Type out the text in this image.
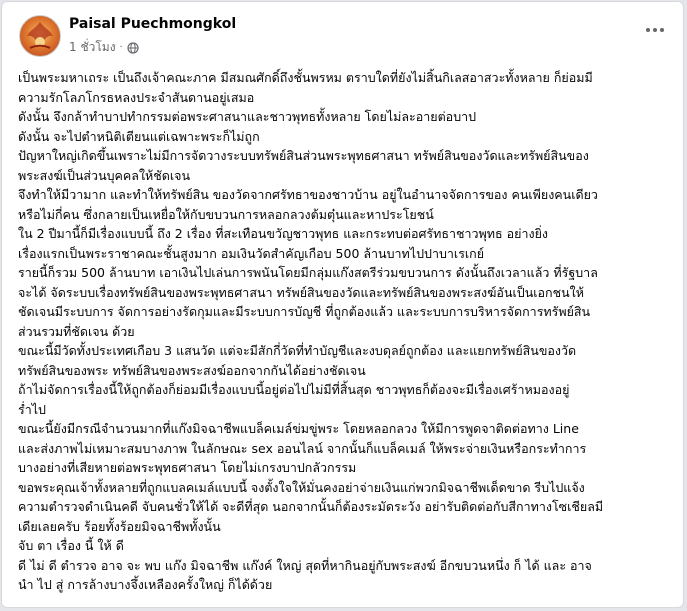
Paisal Puechmongkol
1 ชั่วโมง ·

เป็นพระมหาเถระ เป็นถึงเจ้าคณะภาค มีสมณศักดิ์ถึงชั้นพรหม ตราบใดที่ยังไม่สิ้นกิเลสอาสวะทั้งหลาย ก็ย่อมมี

ความรักโลภโกรธหลงประจำสันดานอยู่เสมอ

ดังนั้น จึงกล้าทำบาปทำกรรมต่อพระศาสนาและชาวพุทธทั้งหลาย โดยไม่ละอายต่อบาป

ดังนั้น จะไปตำหนิติเตียนแต่เฉพาะพระก็ไม่ถูก

ปัญหาใหญ่เกิดขึ้นเพราะไม่มีการจัดวางระบบทรัพย์สินส่วนพระพุทธศาสนา ทรัพย์สินของวัดและทรัพย์สินของ

พระสงฆ์เป็นส่วนบุคคลให้ชัดเจน

จึงทำให้มีวามาก และทำให้ทรัพย์สิน ของวัดจากศรัทธาของชาวบ้าน อยู่ในอำนาจจัดการของ คนเพียงคนเดียว

หรือไม่กี่คน ซึ่งกลายเป็นเหยื่อให้กับขบวนการหลอกลวงต้มตุ๋นและหาประโยชน์

ใน 2 ปีมานี้ก็มีเรื่องแบบนี้ ถึง 2 เรื่อง ที่สะเทือนขวัญชาวพุทธ และกระทบต่อศรัทธาชาวพุทธ อย่างยิ่ง

เรื่องแรกเป็นพระราชาคณะชั้นสูงมาก อมเงินวัดสำคัญเกือบ 500 ล้านบาทไปปาบาเรเกย์

รายนี้ก็รวม 500 ล้านบาท เอาเงินไปเล่นการพนันโดยมีกลุ่มแก๊งสตรีร่วมขบวนการ ดังนั้นถึงเวลาแล้ว ที่รัฐบาล

จะได้ จัดระบบเรื่องทรัพย์สินของพระพุทธศาสนา ทรัพย์สินของวัดและทรัพย์สินของพระสงฆ์อันเป็นเอกชนให้

ชัดเจนมีระบบการ จัดการอย่างรัดกุมและมีระบบการบัญชี ที่ถูกต้องแล้ว และระบบการบริหารจัดการทรัพย์สิน

ส่วนรวมที่ชัดเจน ด้วย

ขณะนี้มีวัดทั้งประเทศเกือบ 3 แสนวัด แต่จะมีสักกี่วัดที่ทำบัญชีและงบดุลย์ถูกต้อง และแยกทรัพย์สินของวัด

ทรัพย์สินของพระ ทรัพย์สินของพระสงฆ์ออกจากกันได้อย่างชัดเจน

ถ้าไม่จัดการเรื่องนี้ให้ถูกต้องก็ย่อมมีเรื่องแบบนี้อยู่ต่อไปไม่มีที่สิ้นสุด ชาวพุทธก็ต้องจะมีเรื่องเศร้าหมองอยู่

ร่ำไป

ขณะนี้ยังมีกรณีจำนวนมากที่แก๊งมิจฉาชีพแบล็คเมล์ข่มขู่พระ โดยหลอกลวง ให้มีการพูดจาติดต่อทาง Line

และส่งภาพไม่เหมาะสมบางภาพ ในลักษณะ sex ออนไลน์ จากนั้นก็แบล็คเมล์ ให้พระจ่ายเงินหรือกระทำการ

บางอย่างที่เสียหายต่อพระพุทธศาสนา โดยไม่เกรงบาปกลัวกรรม

ขอพระคุณเจ้าทั้งหลายที่ถูกแบลคเมล์แบบนี้ จงตั้งใจให้มั่นคงอย่าจ่ายเงินแก่พวกมิจฉาชีพเด็ดขาด รีบไปแจ้ง

ความตำรวจดำเนินคดี จับคนชั่วให้ได้ จะดีที่สุด นอกจากนั้นก็ต้องระมัดระวัง อย่ารับติดต่อกับสีกาทางโซเชียลมี

เดียเลยครับ ร้อยทั้งร้อยมิจฉาชีพทั้งนั้น

จับ ตา เรื่อง นี้ ให้ ดี

ดี ไม่ ดี ตำรวจ อาจ จะ พบ แก๊ง มิจฉาชีพ แก๊งค์ ใหญ่ สุดที่หากินอยู่กับพระสงฆ์ อีกขบวนหนึ่ง ก็ ได้ และ อาจ

นำ ไป สู่ การล้างบางจึ้งเหลืองครั้งใหญ่ ก็ได้ด้วย
